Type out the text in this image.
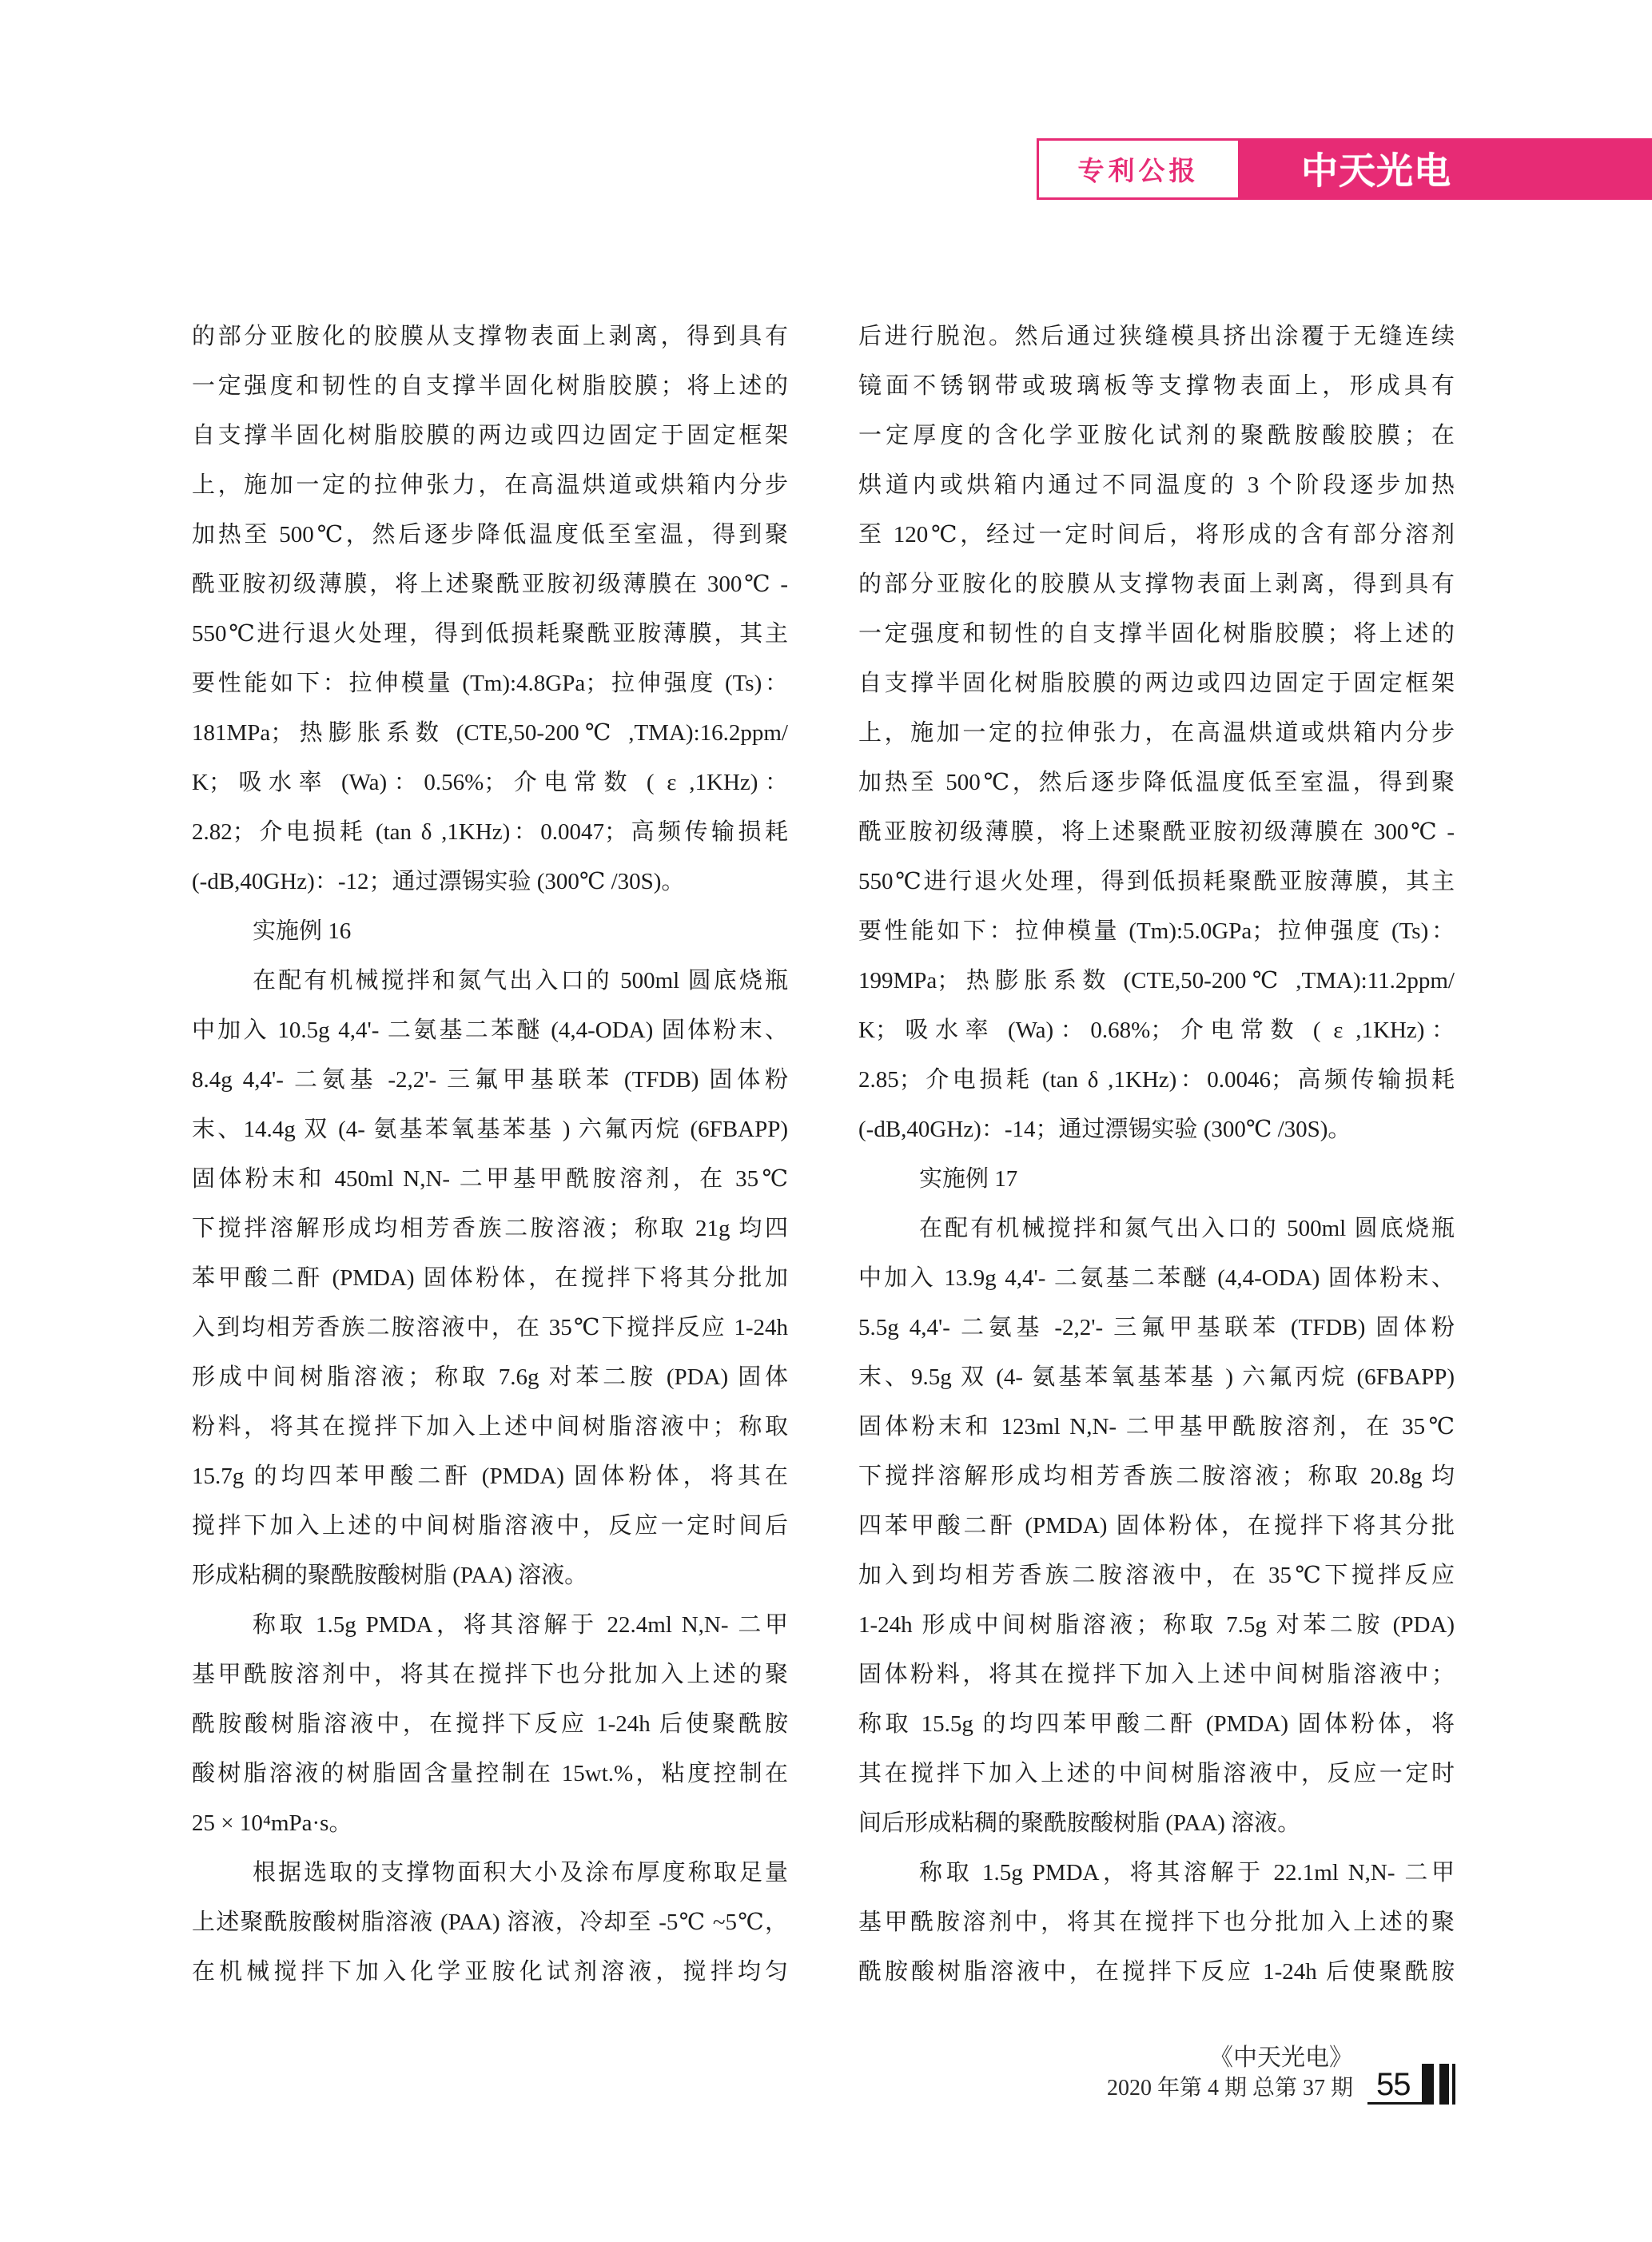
专利公报	中天光电
的部分亚胺化的胶膜从支撑物表面上剥离，得到具有
一定强度和韧性的自支撑半固化树脂胶膜；将上述的
自支撑半固化树脂胶膜的两边或四边固定于固定框架
上，施加一定的拉伸张力，在高温烘道或烘箱内分步
加热至 500℃，然后逐步降低温度低至室温，得到聚
酰亚胺初级薄膜，将上述聚酰亚胺初级薄膜在 300℃ -
550℃进行退火处理，得到低损耗聚酰亚胺薄膜，其主
要性能如下：拉伸模量 (Tm):4.8GPa；拉伸强度 (Ts)：
181MPa；热膨胀系数 (CTE,50-200℃ ,TMA):16.2ppm/
K；吸水率 (Wa)：0.56%；介电常数 ( ε ,1KHz)：
2.82；介电损耗 (tan δ ,1KHz)：0.0047；高频传输损耗
(-dB,40GHz)：-12；通过漂锡实验 (300℃ /30S)。
实施例 16
在配有机械搅拌和氮气出入口的 500ml 圆底烧瓶
中加入 10.5g 4,4'- 二氨基二苯醚 (4,4-ODA) 固体粉末、
8.4g 4,4'- 二氨基 -2,2'- 三氟甲基联苯 (TFDB) 固体粉
末、14.4g 双 (4- 氨基苯氧基苯基 ) 六氟丙烷 (6FBAPP)
固体粉末和 450ml N,N- 二甲基甲酰胺溶剂，在 35℃
下搅拌溶解形成均相芳香族二胺溶液；称取 21g 均四
苯甲酸二酐 (PMDA) 固体粉体，在搅拌下将其分批加
入到均相芳香族二胺溶液中，在 35℃下搅拌反应 1-24h
形成中间树脂溶液；称取 7.6g 对苯二胺 (PDA) 固体
粉料，将其在搅拌下加入上述中间树脂溶液中；称取
15.7g 的均四苯甲酸二酐 (PMDA) 固体粉体，将其在
搅拌下加入上述的中间树脂溶液中，反应一定时间后
形成粘稠的聚酰胺酸树脂 (PAA) 溶液。
称取 1.5g PMDA，将其溶解于 22.4ml N,N- 二甲
基甲酰胺溶剂中，将其在搅拌下也分批加入上述的聚
酰胺酸树脂溶液中，在搅拌下反应 1-24h 后使聚酰胺
酸树脂溶液的树脂固含量控制在 15wt.%，粘度控制在
25 × 10⁴mPa·s。
根据选取的支撑物面积大小及涂布厚度称取足量
上述聚酰胺酸树脂溶液 (PAA) 溶液，冷却至 -5℃ ~5℃，
在机械搅拌下加入化学亚胺化试剂溶液，搅拌均匀
后进行脱泡。然后通过狭缝模具挤出涂覆于无缝连续
镜面不锈钢带或玻璃板等支撑物表面上，形成具有
一定厚度的含化学亚胺化试剂的聚酰胺酸胶膜；在
烘道内或烘箱内通过不同温度的 3 个阶段逐步加热
至 120℃，经过一定时间后，将形成的含有部分溶剂
的部分亚胺化的胶膜从支撑物表面上剥离，得到具有
一定强度和韧性的自支撑半固化树脂胶膜；将上述的
自支撑半固化树脂胶膜的两边或四边固定于固定框架
上，施加一定的拉伸张力，在高温烘道或烘箱内分步
加热至 500℃，然后逐步降低温度低至室温，得到聚
酰亚胺初级薄膜，将上述聚酰亚胺初级薄膜在 300℃ -
550℃进行退火处理，得到低损耗聚酰亚胺薄膜，其主
要性能如下：拉伸模量 (Tm):5.0GPa；拉伸强度 (Ts)：
199MPa；热膨胀系数 (CTE,50-200℃ ,TMA):11.2ppm/
K；吸水率 (Wa)：0.68%；介电常数 ( ε ,1KHz)：
2.85；介电损耗 (tan δ ,1KHz)：0.0046；高频传输损耗
(-dB,40GHz)：-14；通过漂锡实验 (300℃ /30S)。
实施例 17
在配有机械搅拌和氮气出入口的 500ml 圆底烧瓶
中加入 13.9g 4,4'- 二氨基二苯醚 (4,4-ODA) 固体粉末、
5.5g 4,4'- 二氨基 -2,2'- 三氟甲基联苯 (TFDB) 固体粉
末、9.5g 双 (4- 氨基苯氧基苯基 ) 六氟丙烷 (6FBAPP)
固体粉末和 123ml N,N- 二甲基甲酰胺溶剂，在 35℃
下搅拌溶解形成均相芳香族二胺溶液；称取 20.8g 均
四苯甲酸二酐 (PMDA) 固体粉体，在搅拌下将其分批
加入到均相芳香族二胺溶液中，在 35℃下搅拌反应
1-24h 形成中间树脂溶液；称取 7.5g 对苯二胺 (PDA)
固体粉料，将其在搅拌下加入上述中间树脂溶液中；
称取 15.5g 的均四苯甲酸二酐 (PMDA) 固体粉体，将
其在搅拌下加入上述的中间树脂溶液中，反应一定时
间后形成粘稠的聚酰胺酸树脂 (PAA) 溶液。
称取 1.5g PMDA，将其溶解于 22.1ml N,N- 二甲
基甲酰胺溶剂中，将其在搅拌下也分批加入上述的聚
酰胺酸树脂溶液中，在搅拌下反应 1-24h 后使聚酰胺
《中天光电》
2020 年第 4 期 总第 37 期 55
